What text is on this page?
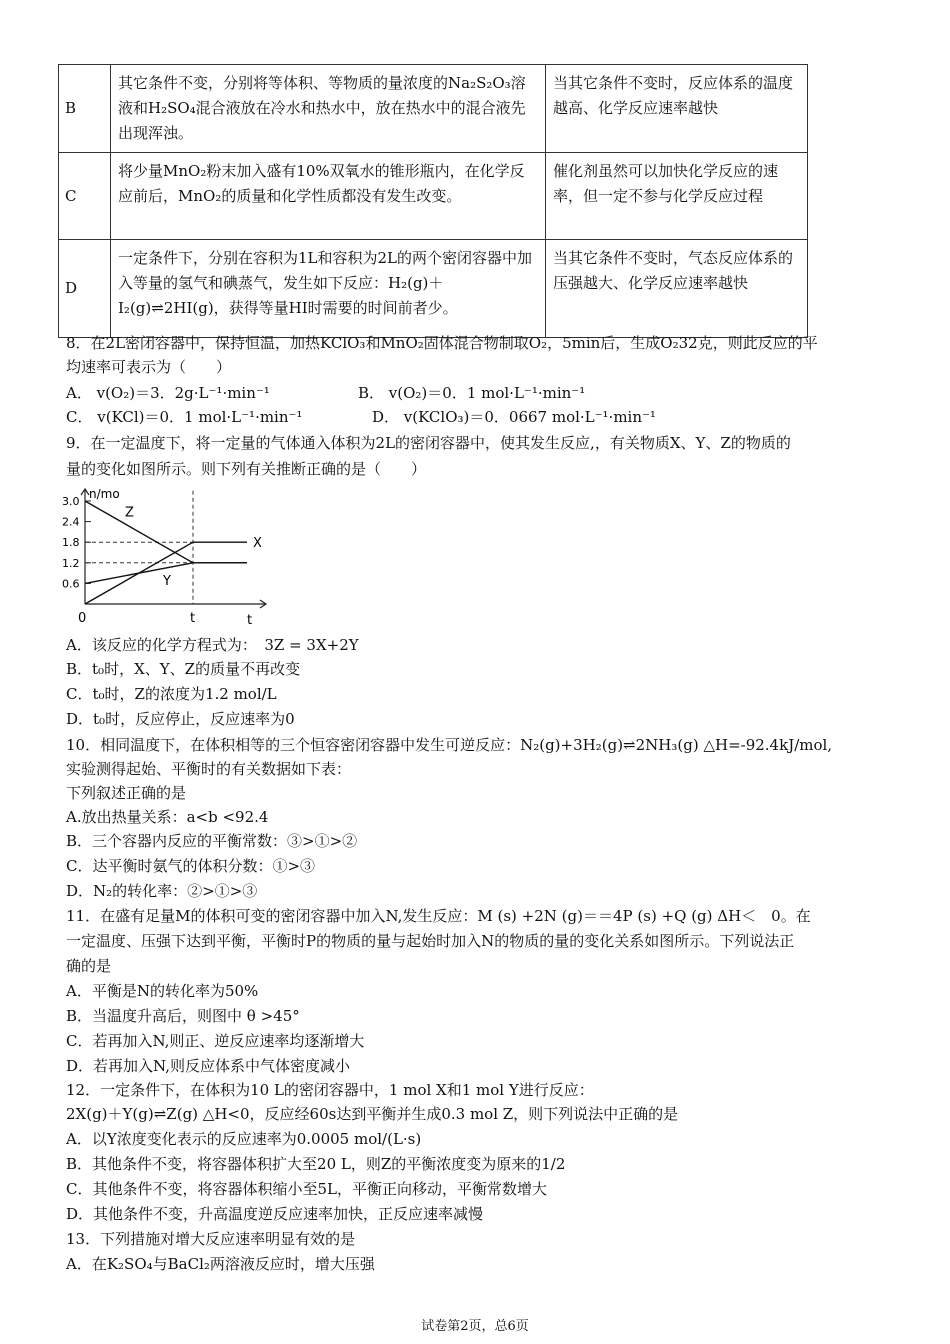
B	其它条件不变，分别将等体积、等物质的量浓度的Na₂S₂O₃溶液和H₂SO₄混合液放在冷水和热水中，放在热水中的混合液先出现浑浊。	当其它条件不变时，反应体系的温度越高、化学反应速率越快
C	将少量MnO₂粉末加入盛有10%双氧水的锥形瓶内，在化学反应前后，MnO₂的质量和化学性质都没有发生改变。	催化剂虽然可以加快化学反应的速率，但一定不参与化学反应过程
D	一定条件下，分别在容积为1L和容积为2L的两个密闭容器中加入等量的氢气和碘蒸气，发生如下反应：H₂(g)＋I₂(g)⇌2HI(g)，获得等量HI时需要的时间前者少。	当其它条件不变时，气态反应体系的压强越大、化学反应速率越快
8．在2L密闭容器中，保持恒温，加热KClO₃和MnO₂固体混合物制取O₂，5min后，生成O₂32克，则此反应的平
均速率可表示为（　　）
A． v(O₂)＝3．2g·L⁻¹·min⁻¹	B． v(O₂)＝0．1 mol·L⁻¹·min⁻¹
C． v(KCl)＝0．1 mol·L⁻¹·min⁻¹	D． v(KClO₃)＝0．0667 mol·L⁻¹·min⁻¹
9．在一定温度下，将一定量的气体通入体积为2L的密闭容器中，使其发生反应,，有关物质X、Y、Z的物质的
量的变化如图所示。则下列有关推断正确的是（　　）
n/mo
t
3.0
2.4
1.8
1.2
0.6
0	t
Z
X
Y
A．该反应的化学方程式为：　3Z = 3X+2Y
B．t₀时，X、Y、Z的质量不再改变
C．t₀时，Z的浓度为1.2 mol/L
D．t₀时，反应停止，反应速率为0
10．相同温度下，在体积相等的三个恒容密闭容器中发生可逆反应：N₂(g)+3H₂(g)⇌2NH₃(g) △H=-92.4kJ/mol,
实验测得起始、平衡时的有关数据如下表：
下列叙述正确的是
A.放出热量关系：a<b <92.4
B．三个容器内反应的平衡常数：③>①>②
C．达平衡时氨气的体积分数：①>③
D．N₂的转化率：②>①>③
11．在盛有足量M的体积可变的密闭容器中加入N,发生反应：M (s) +2N (g)＝＝4P (s) +Q (g) ΔH＜　0。在
一定温度、压强下达到平衡，平衡时P的物质的量与起始时加入N的物质的量的变化关系如图所示。下列说法正
确的是
A．平衡是N的转化率为50%
B．当温度升高后，则图中 θ >45°
C．若再加入N,则正、逆反应速率均逐渐增大
D．若再加入N,则反应体系中气体密度减小
12．一定条件下，在体积为10 L的密闭容器中，1 mol X和1 mol Y进行反应：
2X(g)＋Y(g)⇌Z(g) △H<0，反应经60s达到平衡并生成0.3 mol Z，则下列说法中正确的是
A．以Y浓度变化表示的反应速率为0.0005 mol/(L·s)
B．其他条件不变，将容器体积扩大至20 L，则Z的平衡浓度变为原来的1/2
C．其他条件不变，将容器体积缩小至5L，平衡正向移动，平衡常数增大
D．其他条件不变，升高温度逆反应速率加快，正反应速率减慢
13．下列措施对增大反应速率明显有效的是
A．在K₂SO₄与BaCl₂两溶液反应时，增大压强
试卷第2页，总6页
